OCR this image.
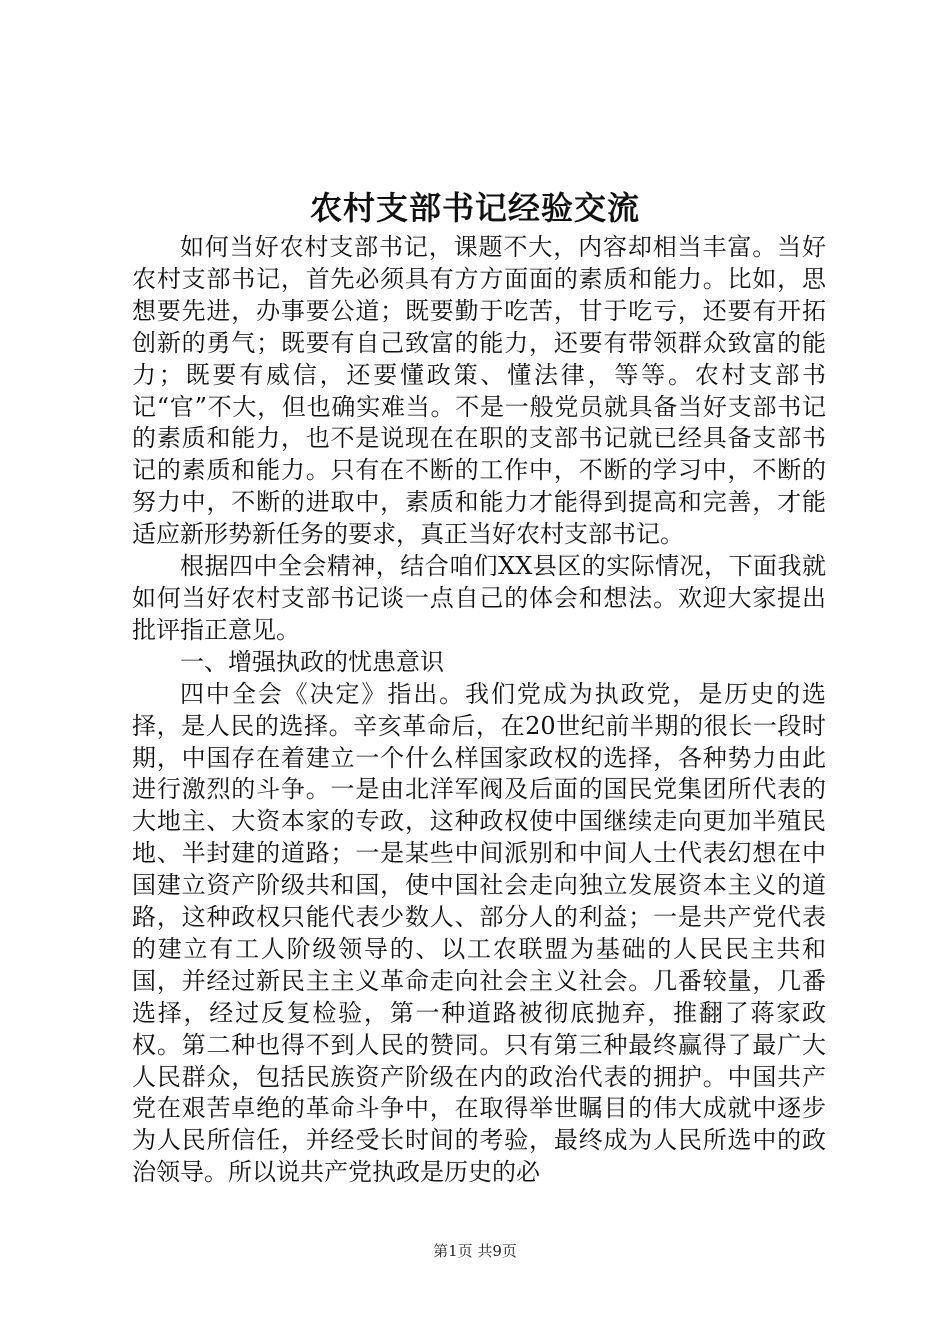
农村支部书记经验交流

如何当好农村支部书记，课题不大，内容却相当丰富。当好农村支部书记，首先必须具有方方面面的素质和能力。比如，思想要先进，办事要公道；既要勤于吃苦，甘于吃亏，还要有开拓创新的勇气；既要有自己致富的能力，还要有带领群众致富的能力；既要有威信，还要懂政策、懂法律，等等。农村支部书记“官”不大，但也确实难当。不是一般党员就具备当好支部书记的素质和能力，也不是说现在在职的支部书记就已经具备支部书记的素质和能力。只有在不断的工作中，不断的学习中，不断的努力中，不断的进取中，素质和能力才能得到提高和完善，才能适应新形势新任务的要求，真正当好农村支部书记。

根据四中全会精神，结合咱们XX县区的实际情况，下面我就如何当好农村支部书记谈一点自己的体会和想法。欢迎大家提出批评指正意见。

一、增强执政的忧患意识

四中全会《决定》指出。我们党成为执政党，是历史的选择，是人民的选择。辛亥革命后，在20世纪前半期的很长一段时期，中国存在着建立一个什么样国家政权的选择，各种势力由此进行激烈的斗争。一是由北洋军阀及后面的国民党集团所代表的大地主、大资本家的专政，这种政权使中国继续走向更加半殖民地、半封建的道路；一是某些中间派别和中间人士代表幻想在中国建立资产阶级共和国，使中国社会走向独立发展资本主义的道路，这种政权只能代表少数人、部分人的利益；一是共产党代表的建立有工人阶级领导的、以工农联盟为基础的人民民主共和国，并经过新民主主义革命走向社会主义社会。几番较量，几番选择，经过反复检验，第一种道路被彻底抛弃，推翻了蒋家政权。第二种也得不到人民的赞同。只有第三种最终赢得了最广大人民群众，包括民族资产阶级在内的政治代表的拥护。中国共产党在艰苦卓绝的革命斗争中，在取得举世瞩目的伟大成就中逐步为人民所信任，并经受长时间的考验，最终成为人民所选中的政治领导。所以说共产党执政是历史的必

第1页 共9页
